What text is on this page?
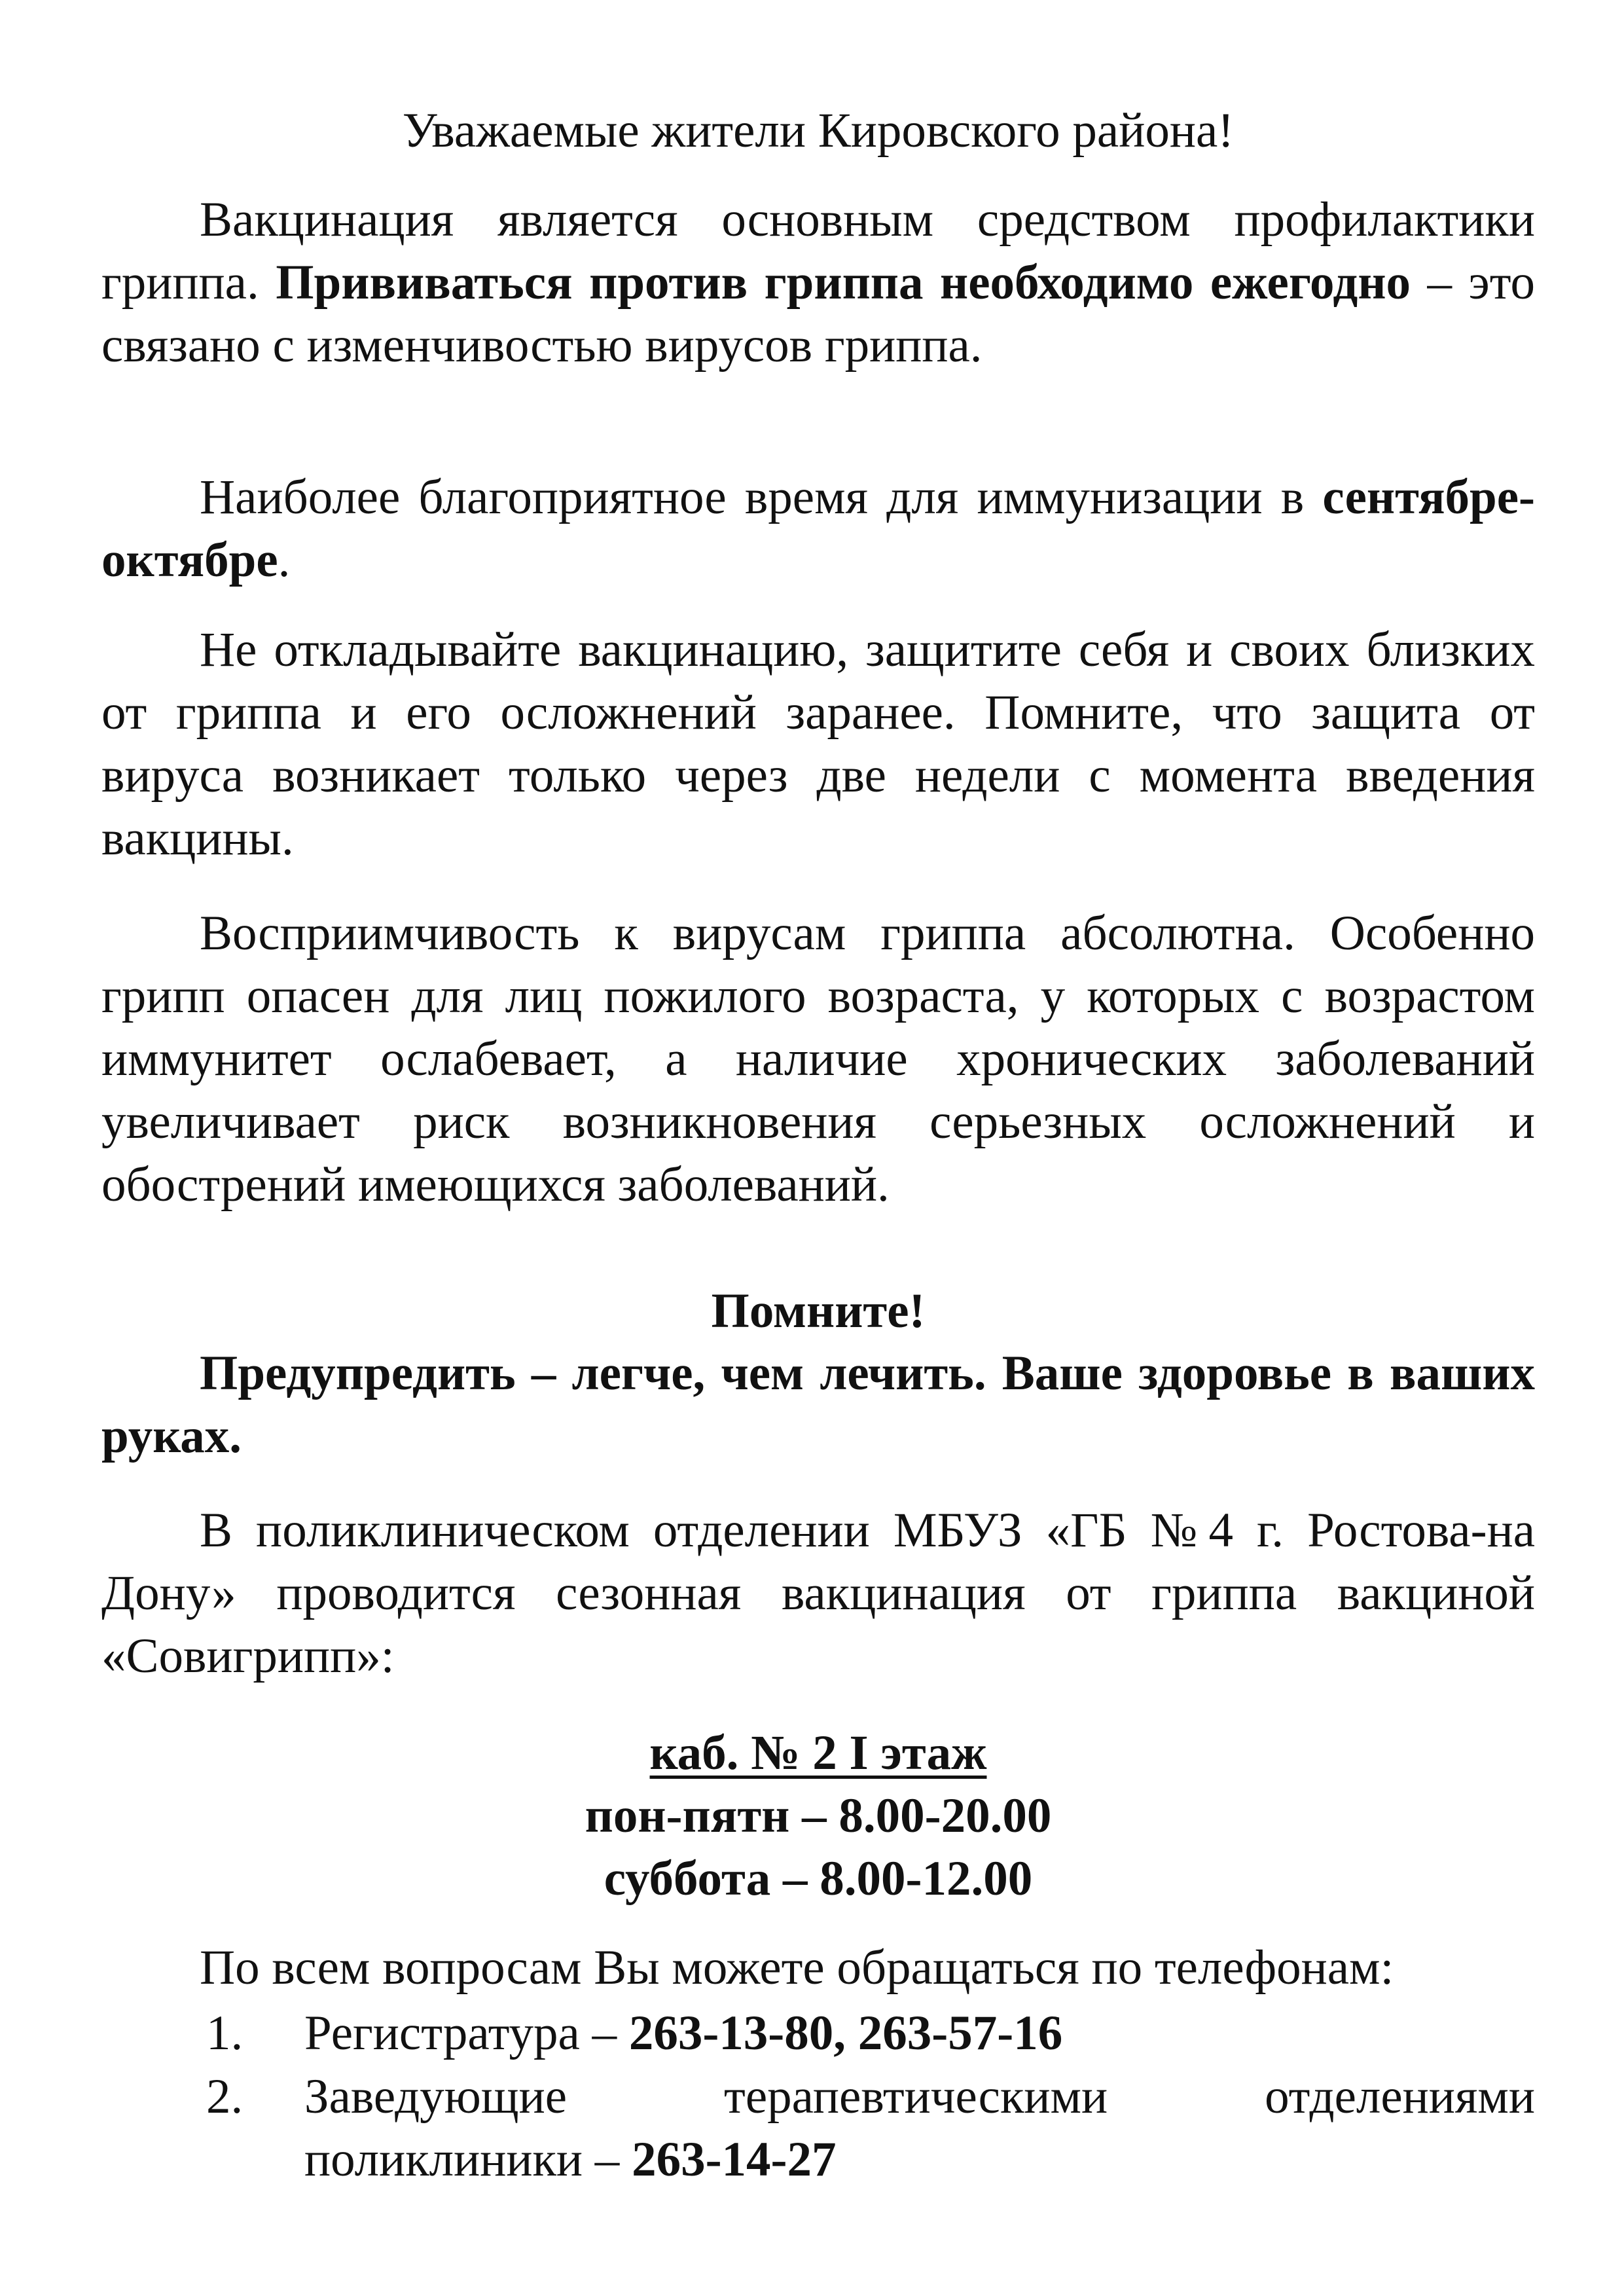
Уважаемые жители Кировского района!

Вакцинация является основным средством профилактики гриппа. Прививаться против гриппа необходимо ежегодно – это связано с изменчивостью вирусов гриппа.

Наиболее благоприятное время для иммунизации в сентябре-октябре.

Не откладывайте вакцинацию, защитите себя и своих близких от гриппа и его осложнений заранее. Помните, что защита от вируса возникает только через две недели с момента введения вакцины.

Восприимчивость к вирусам гриппа абсолютна. Особенно грипп опасен для лиц пожилого возраста, у которых с возрастом иммунитет ослабевает, а наличие хронических заболеваний увеличивает риск возникновения серьезных осложнений и обострений имеющихся заболеваний.

Помните!

Предупредить – легче, чем лечить. Ваше здоровье в ваших руках.

В поликлиническом отделении МБУЗ «ГБ №4 г. Ростова-на Дону» проводится сезонная вакцинация от гриппа вакциной «Совигрипп»:

каб. № 2 I этаж
пон-пятн – 8.00-20.00
суббота – 8.00-12.00

По всем вопросам Вы можете обращаться по телефонам:

1. Регистратура – 263-13-80, 263-57-16
2. Заведующие терапевтическими отделениями поликлиники – 263-14-27
